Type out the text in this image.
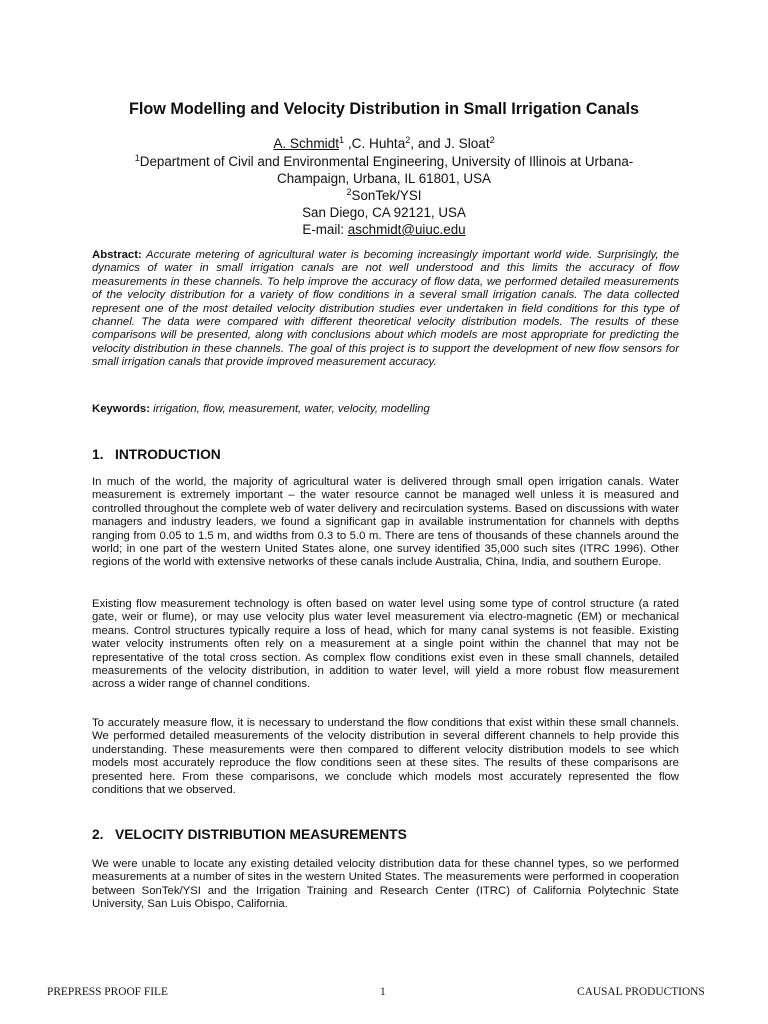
Flow Modelling and Velocity Distribution in Small Irrigation Canals
A. Schmidt$^1$ ,C. Huhta$^2$, and J. Sloat$^2$
$^1$Department of Civil and Environmental Engineering, University of Illinois at Urbana-
Champaign, Urbana, IL 61801, USA
$^2$SonTek/YSI
San Diego, CA 92121, USA
E-mail: aschmidt@uiuc.edu
Abstract: Accurate metering of agricultural water is becoming increasingly important world wide. Surprisingly, the dynamics of water in small irrigation canals are not well understood and this limits the accuracy of flow measurements in these channels. To help improve the accuracy of flow data, we performed detailed measurements of the velocity distribution for a variety of flow conditions in a several small irrigation canals. The data collected represent one of the most detailed velocity distribution studies ever undertaken in field conditions for this type of channel. The data were compared with different theoretical velocity distribution models. The results of these comparisons will be presented, along with conclusions about which models are most appropriate for predicting the velocity distribution in these channels. The goal of this project is to support the development of new flow sensors for small irrigation canals that provide improved measurement accuracy.
Keywords: irrigation, flow, measurement, water, velocity, modelling
1. INTRODUCTION
In much of the world, the majority of agricultural water is delivered through small open irrigation canals. Water measurement is extremely important – the water resource cannot be managed well unless it is measured and controlled throughout the complete web of water delivery and recirculation systems. Based on discussions with water managers and industry leaders, we found a significant gap in available instrumentation for channels with depths ranging from 0.05 to 1.5 m, and widths from 0.3 to 5.0 m. There are tens of thousands of these channels around the world; in one part of the western United States alone, one survey identified 35,000 such sites (ITRC 1996). Other regions of the world with extensive networks of these canals include Australia, China, India, and southern Europe.
Existing flow measurement technology is often based on water level using some type of control structure (a rated gate, weir or flume), or may use velocity plus water level measurement via electro-magnetic (EM) or mechanical means. Control structures typically require a loss of head, which for many canal systems is not feasible. Existing water velocity instruments often rely on a measurement at a single point within the channel that may not be representative of the total cross section. As complex flow conditions exist even in these small channels, detailed measurements of the velocity distribution, in addition to water level, will yield a more robust flow measurement across a wider range of channel conditions.
To accurately measure flow, it is necessary to understand the flow conditions that exist within these small channels. We performed detailed measurements of the velocity distribution in several different channels to help provide this understanding. These measurements were then compared to different velocity distribution models to see which models most accurately reproduce the flow conditions seen at these sites. The results of these comparisons are presented here. From these comparisons, we conclude which models most accurately represented the flow conditions that we observed.
2. VELOCITY DISTRIBUTION MEASUREMENTS
We were unable to locate any existing detailed velocity distribution data for these channel types, so we performed measurements at a number of sites in the western United States. The measurements were performed in cooperation between SonTek/YSI and the Irrigation Training and Research Center (ITRC) of California Polytechnic State University, San Luis Obispo, California.
PREPRESS PROOF FILE	1	CAUSAL PRODUCTIONS
